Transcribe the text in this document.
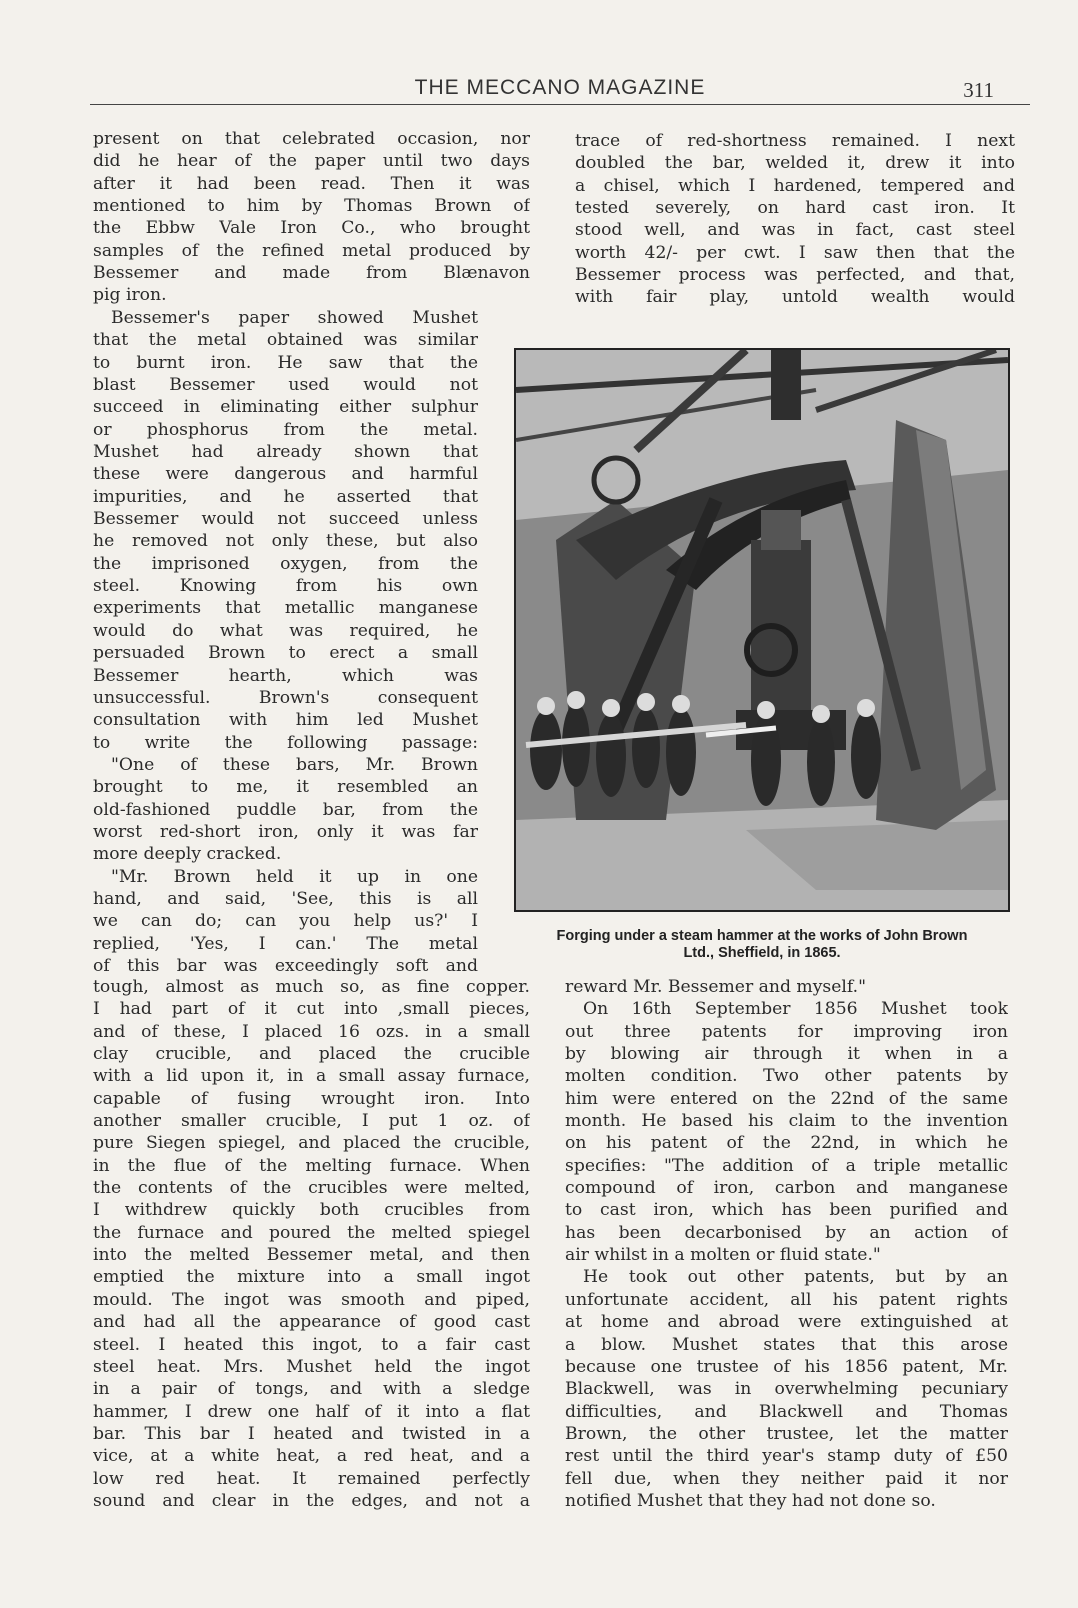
THE MECCANO MAGAZINE	311
present on that celebrated occasion, nor
did he hear of the paper until two days
after it had been read. Then it was
mentioned to him by Thomas Brown of
the Ebbw Vale Iron Co., who brought
samples of the refined metal produced by
Bessemer and made from Blænavon
pig iron.
Bessemer's paper showed Mushet
that the metal obtained was similar
to burnt iron. He saw that the
blast Bessemer used would not
succeed in eliminating either sulphur
or phosphorus from the metal.
Mushet had already shown that
these were dangerous and harmful
impurities, and he asserted that
Bessemer would not succeed unless
he removed not only these, but also
the imprisoned oxygen, from the
steel. Knowing from his own
experiments that metallic manganese
would do what was required, he
persuaded Brown to erect a small
Bessemer hearth, which was
unsuccessful. Brown's consequent
consultation with him led Mushet
to write the following passage:
"One of these bars, Mr. Brown
brought to me, it resembled an
old-fashioned puddle bar, from the
worst red-short iron, only it was far
more deeply cracked.
"Mr. Brown held it up in one
hand, and said, 'See, this is all
we can do; can you help us?' I
replied, 'Yes, I can.' The metal
of this bar was exceedingly soft and
tough, almost as much so, as fine copper.
I had part of it cut into ,small pieces,
and of these, I placed 16 ozs. in a small
clay crucible, and placed the crucible
with a lid upon it, in a small assay furnace,
capable of fusing wrought iron. Into
another smaller crucible, I put 1 oz. of
pure Siegen spiegel, and placed the crucible,
in the flue of the melting furnace. When
the contents of the crucibles were melted,
I withdrew quickly both crucibles from
the furnace and poured the melted spiegel
into the melted Bessemer metal, and then
emptied the mixture into a small ingot
mould. The ingot was smooth and piped,
and had all the appearance of good cast
steel. I heated this ingot, to a fair cast
steel heat. Mrs. Mushet held the ingot
in a pair of tongs, and with a sledge
hammer, I drew one half of it into a flat
bar. This bar I heated and twisted in a
vice, at a white heat, a red heat, and a
low red heat. It remained perfectly
sound and clear in the edges, and not a
trace of red-shortness remained. I next
doubled the bar, welded it, drew it into
a chisel, which I hardened, tempered and
tested severely, on hard cast iron. It
stood well, and was in fact, cast steel
worth 42/- per cwt. I saw then that the
Bessemer process was perfected, and that,
with fair play, untold wealth would
reward Mr. Bessemer and myself."
On 16th September 1856 Mushet took
out three patents for improving iron
by blowing air through it when in a
molten condition. Two other patents by
him were entered on the 22nd of the same
month. He based his claim to the invention
on his patent of the 22nd, in which he
specifies: "The addition of a triple metallic
compound of iron, carbon and manganese
to cast iron, which has been purified and
has been decarbonised by an action of
air whilst in a molten or fluid state."
He took out other patents, but by an
unfortunate accident, all his patent rights
at home and abroad were extinguished at
a blow. Mushet states that this arose
because one trustee of his 1856 patent, Mr.
Blackwell, was in overwhelming pecuniary
difficulties, and Blackwell and Thomas
Brown, the other trustee, let the matter
rest until the third year's stamp duty of £50
fell due, when they neither paid it nor
notified Mushet that they had not done so.
Forging under a steam hammer at the works of John Brown
Ltd., Sheffield, in 1865.
